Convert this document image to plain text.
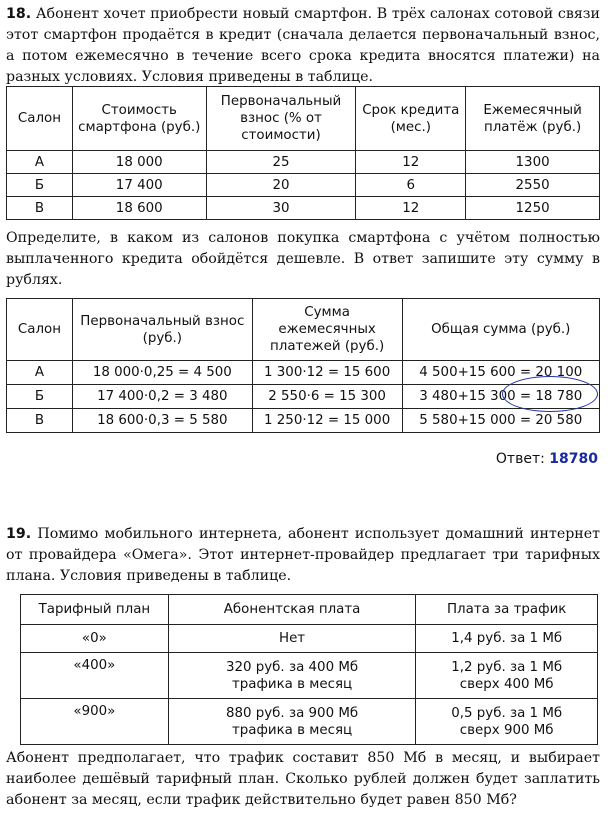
18. Абонент хочет приобрести новый смартфон. В трёх салонах сотовой связи этот смартфон продаётся в кредит (сначала делается первоначальный взнос, а потом ежемесячно в течение всего срока кредита вносятся платежи) на разных условиях. Условия приведены в таблице.

Салон	Стоимость смартфона (руб.)	Первоначальный взнос (% от стоимости)	Срок кредита (мес.)	Ежемесячный платёж (руб.)
А	18 000	25	12	1300
Б	17 400	20	6	2550
В	18 600	30	12	1250

Определите, в каком из салонов покупка смартфона с учётом полностью выплаченного кредита обойдётся дешевле. В ответ запишите эту сумму в рублях.

Салон	Первоначальный взнос (руб.)	Сумма ежемесячных платежей (руб.)	Общая сумма (руб.)
А	18 000·0,25 = 4 500	1 300·12 = 15 600	4 500+15 600 = 20 100
Б	17 400·0,2 = 3 480	2 550·6 = 15 300	3 480+15 300 = 18 780
В	18 600·0,3 = 5 580	1 250·12 = 15 000	5 580+15 000 = 20 580
Ответ: 18780

19. Помимо мобильного интернета, абонент использует домашний интернет от провайдера «Омега». Этот интернет-провайдер предлагает три тарифных плана. Условия приведены в таблице.

Тарифный план	Абонентская плата	Плата за трафик
«0»	Нет	1,4 руб. за 1 Мб
«400»	320 руб. за 400 Мб трафика в месяц	1,2 руб. за 1 Мб сверх 400 Мб
«900»	880 руб. за 900 Мб трафика в месяц	0,5 руб. за 1 Мб сверх 900 Мб

Абонент предполагает, что трафик составит 850 Мб в месяц, и выбирает наиболее дешёвый тарифный план. Сколько рублей должен будет заплатить абонент за месяц, если трафик действительно будет равен 850 Мб?
